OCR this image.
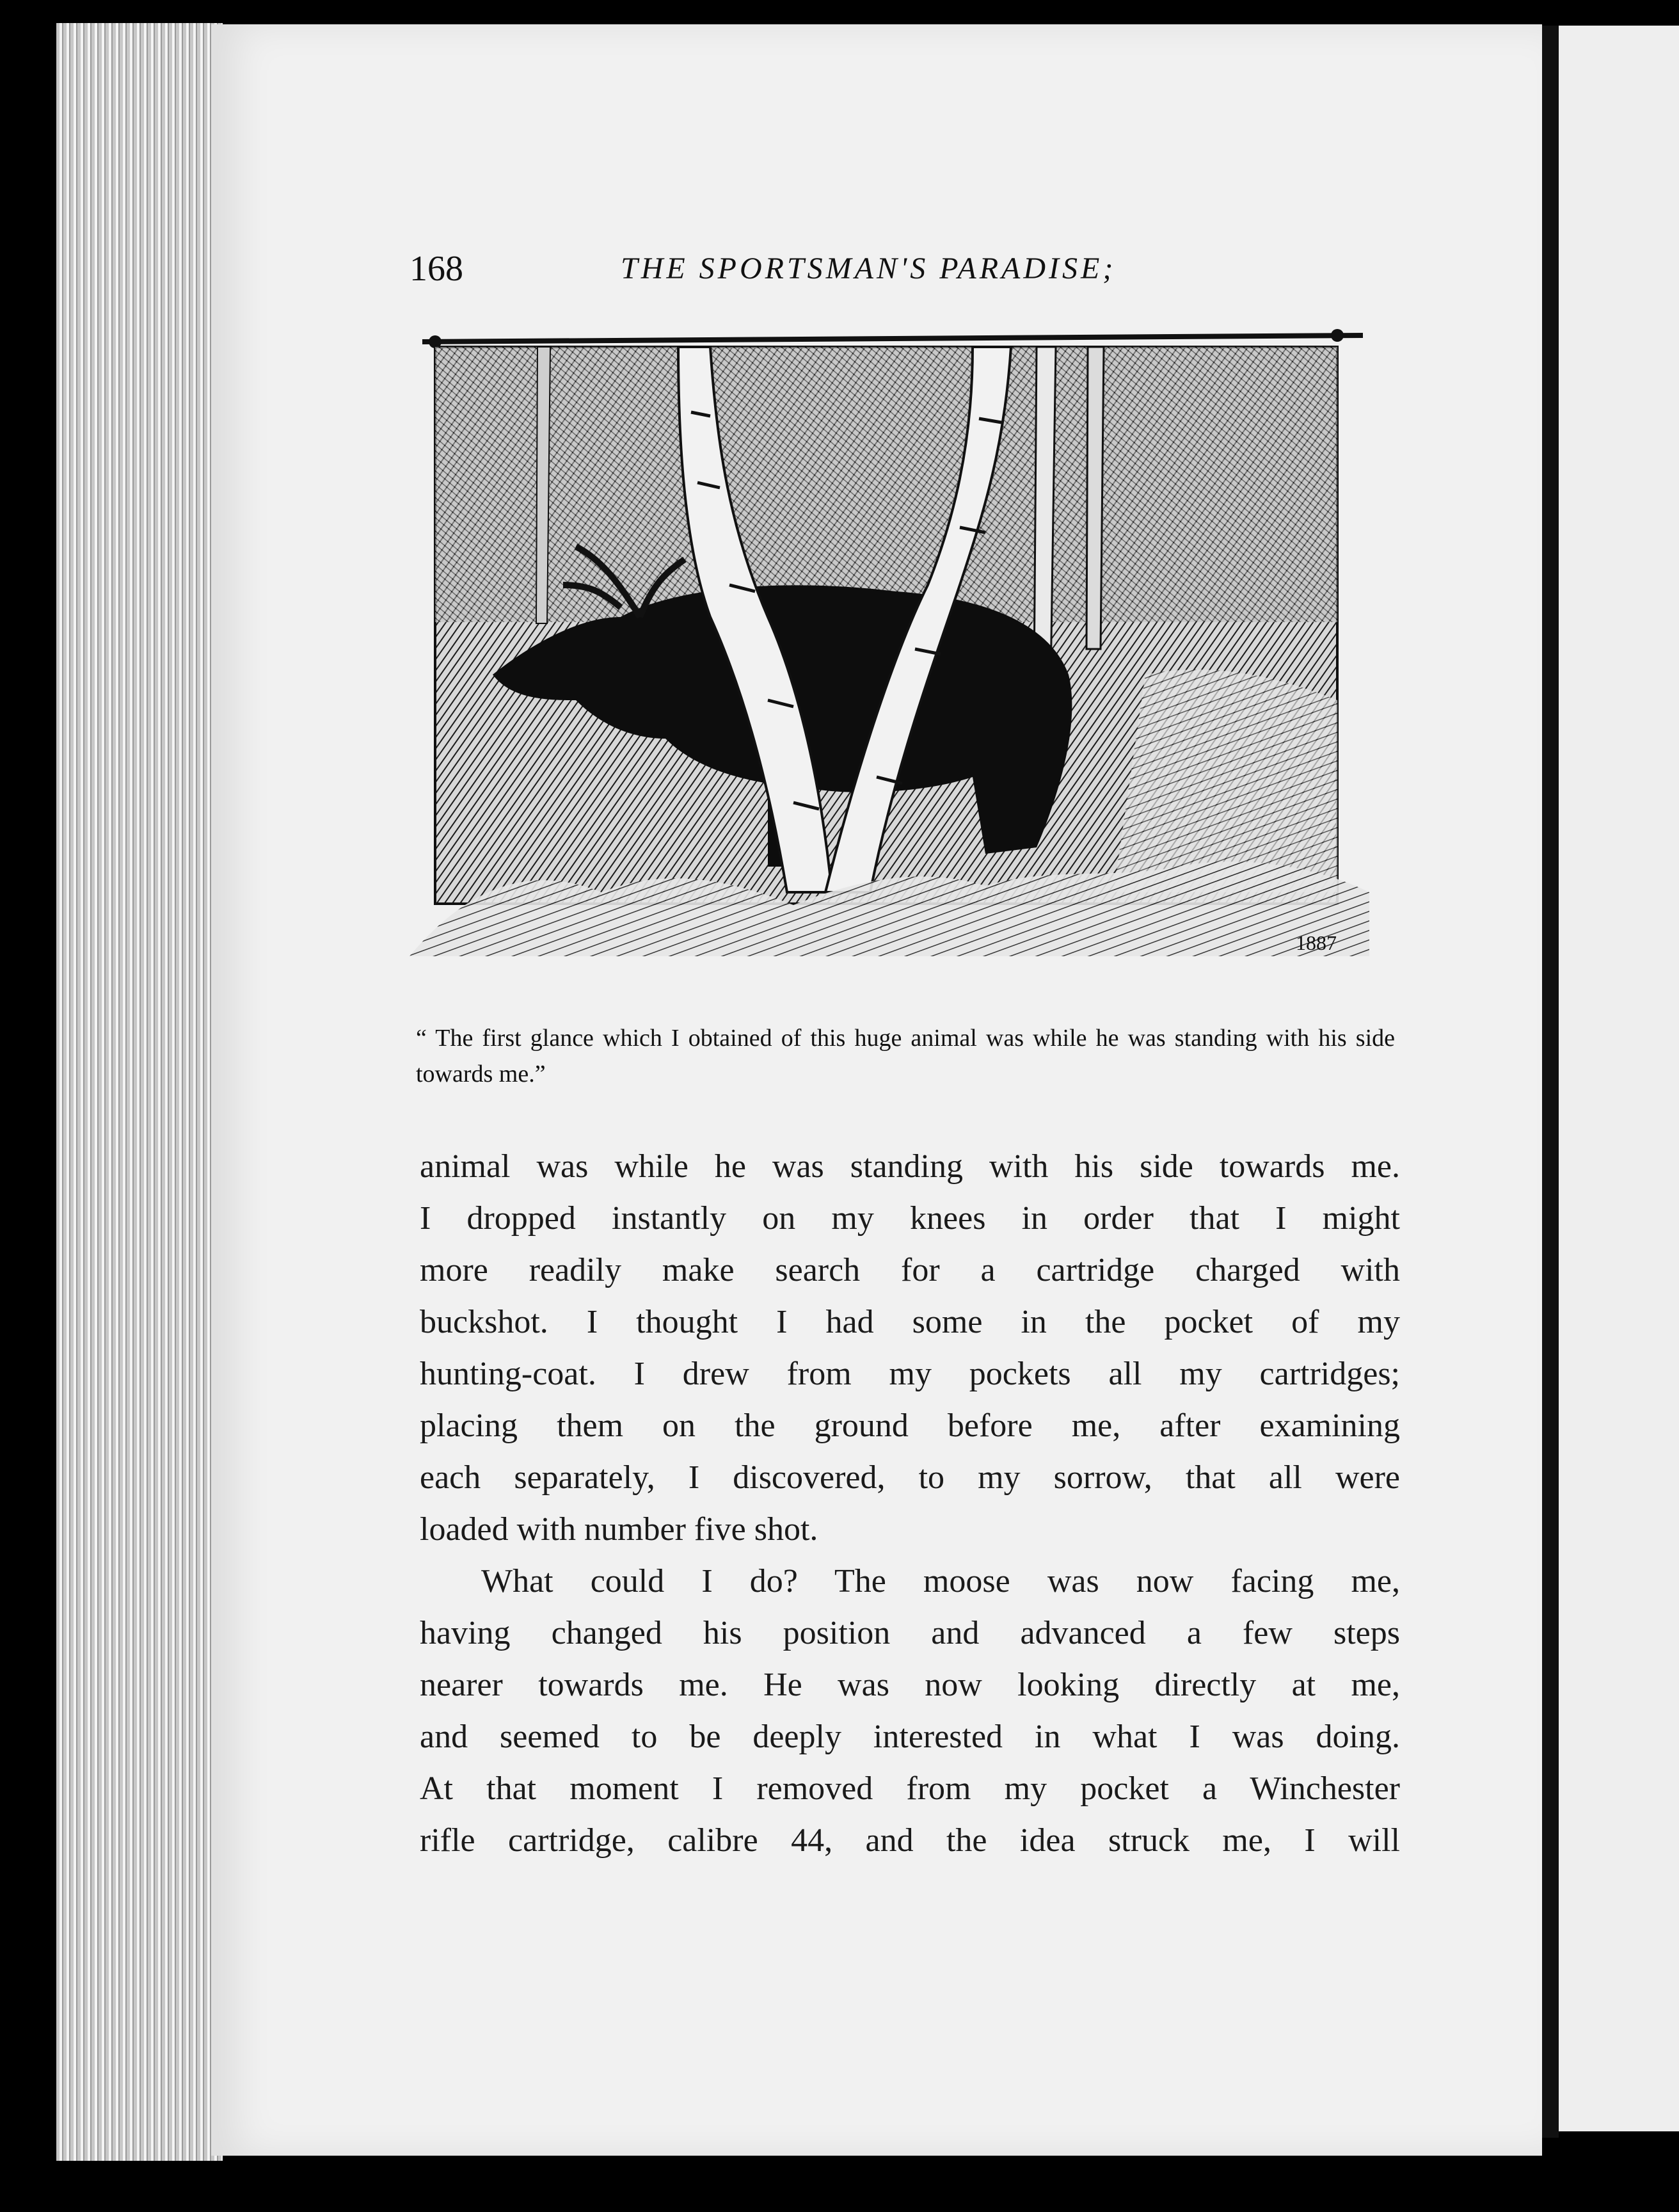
168	THE SPORTSMAN'S PARADISE;
1887
“ The first glance which I obtained of this huge animal was while he was standing with his side towards me.”
animal was while he was standing with his side towards me.
I dropped instantly on my knees in order that I might
more readily make search for a cartridge charged with
buckshot. I thought I had some in the pocket of my
hunting-coat. I drew from my pockets all my cartridges;
placing them on the ground before me, after examining
each separately, I discovered, to my sorrow, that all were
loaded with number five shot.
What could I do? The moose was now facing me,
having changed his position and advanced a few steps
nearer towards me. He was now looking directly at me,
and seemed to be deeply interested in what I was doing.
At that moment I removed from my pocket a Winchester
rifle cartridge, calibre 44, and the idea struck me, I will
